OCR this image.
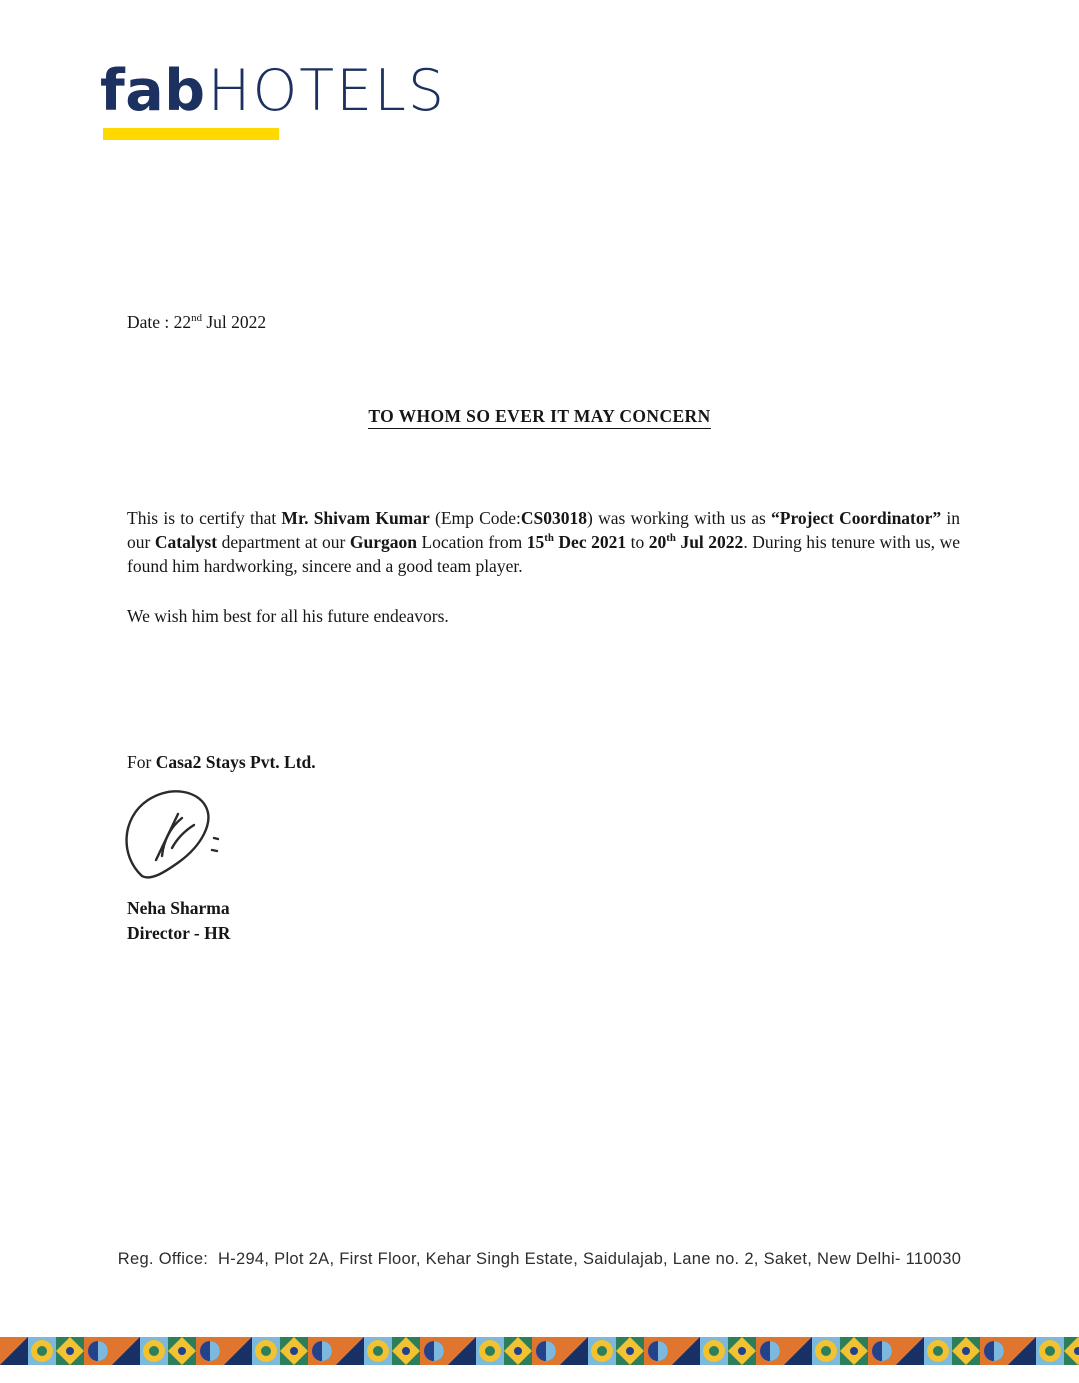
fab HOTELS
Date : 22nd Jul 2022
TO WHOM SO EVER IT MAY CONCERN
This is to certify that Mr. Shivam Kumar (Emp Code:CS03018) was working with us as “Project Coordinator” in our Catalyst department at our Gurgaon Location from 15th Dec 2021 to 20th Jul 2022. During his tenure with us, we found him hardworking, sincere and a good team player.
We wish him best for all his future endeavors.
For Casa2 Stays Pvt. Ltd.
Neha Sharma
Director - HR
Reg. Office:  H-294, Plot 2A, First Floor, Kehar Singh Estate, Saidulajab, Lane no. 2, Saket, New Delhi- 110030
